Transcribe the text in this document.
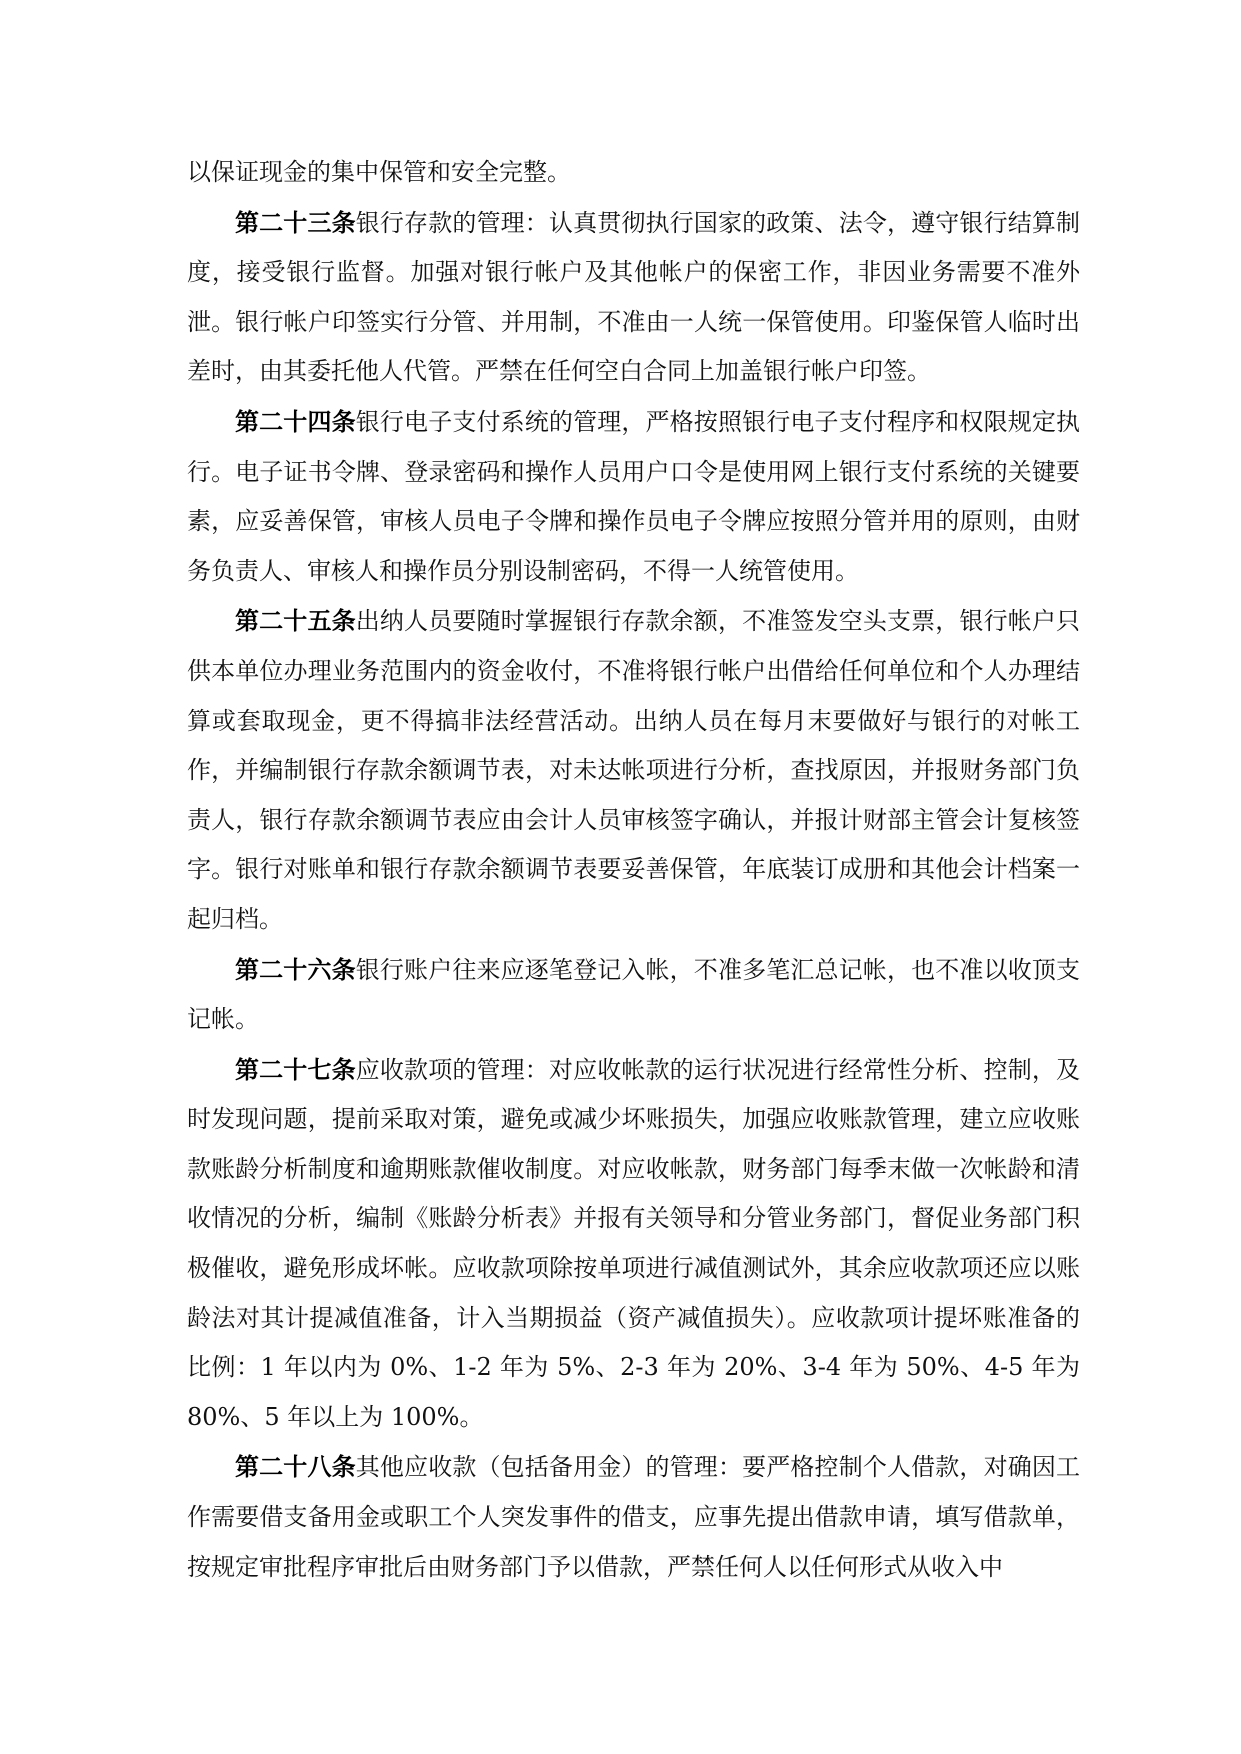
以保证现金的集中保管和安全完整。

第二十三条银行存款的管理：认真贯彻执行国家的政策、法令，遵守银行结算制度，接受银行监督。加强对银行帐户及其他帐户的保密工作，非因业务需要不准外泄。银行帐户印签实行分管、并用制，不准由一人统一保管使用。印鉴保管人临时出差时，由其委托他人代管。严禁在任何空白合同上加盖银行帐户印签。

第二十四条银行电子支付系统的管理，严格按照银行电子支付程序和权限规定执行。电子证书令牌、登录密码和操作人员用户口令是使用网上银行支付系统的关键要素，应妥善保管，审核人员电子令牌和操作员电子令牌应按照分管并用的原则，由财务负责人、审核人和操作员分别设制密码，不得一人统管使用。

第二十五条出纳人员要随时掌握银行存款余额，不准签发空头支票，银行帐户只供本单位办理业务范围内的资金收付，不准将银行帐户出借给任何单位和个人办理结算或套取现金，更不得搞非法经营活动。出纳人员在每月末要做好与银行的对帐工作，并编制银行存款余额调节表，对未达帐项进行分析，查找原因，并报财务部门负责人，银行存款余额调节表应由会计人员审核签字确认，并报计财部主管会计复核签字。银行对账单和银行存款余额调节表要妥善保管，年底装订成册和其他会计档案一起归档。

第二十六条银行账户往来应逐笔登记入帐，不准多笔汇总记帐，也不准以收顶支记帐。

第二十七条应收款项的管理：对应收帐款的运行状况进行经常性分析、控制，及时发现问题，提前采取对策，避免或减少坏账损失，加强应收账款管理，建立应收账款账龄分析制度和逾期账款催收制度。对应收帐款，财务部门每季末做一次帐龄和清收情况的分析，编制《账龄分析表》并报有关领导和分管业务部门，督促业务部门积极催收，避免形成坏帐。应收款项除按单项进行减值测试外，其余应收款项还应以账龄法对其计提减值准备，计入当期损益（资产减值损失）。应收款项计提坏账准备的比例：1 年以内为 0%、1-2 年为 5%、2-3 年为 20%、3-4 年为 50%、4-5 年为 80%、5 年以上为 100%。

第二十八条其他应收款（包括备用金）的管理：要严格控制个人借款，对确因工作需要借支备用金或职工个人突发事件的借支，应事先提出借款申请，填写借款单，按规定审批程序审批后由财务部门予以借款，严禁任何人以任何形式从收入中
